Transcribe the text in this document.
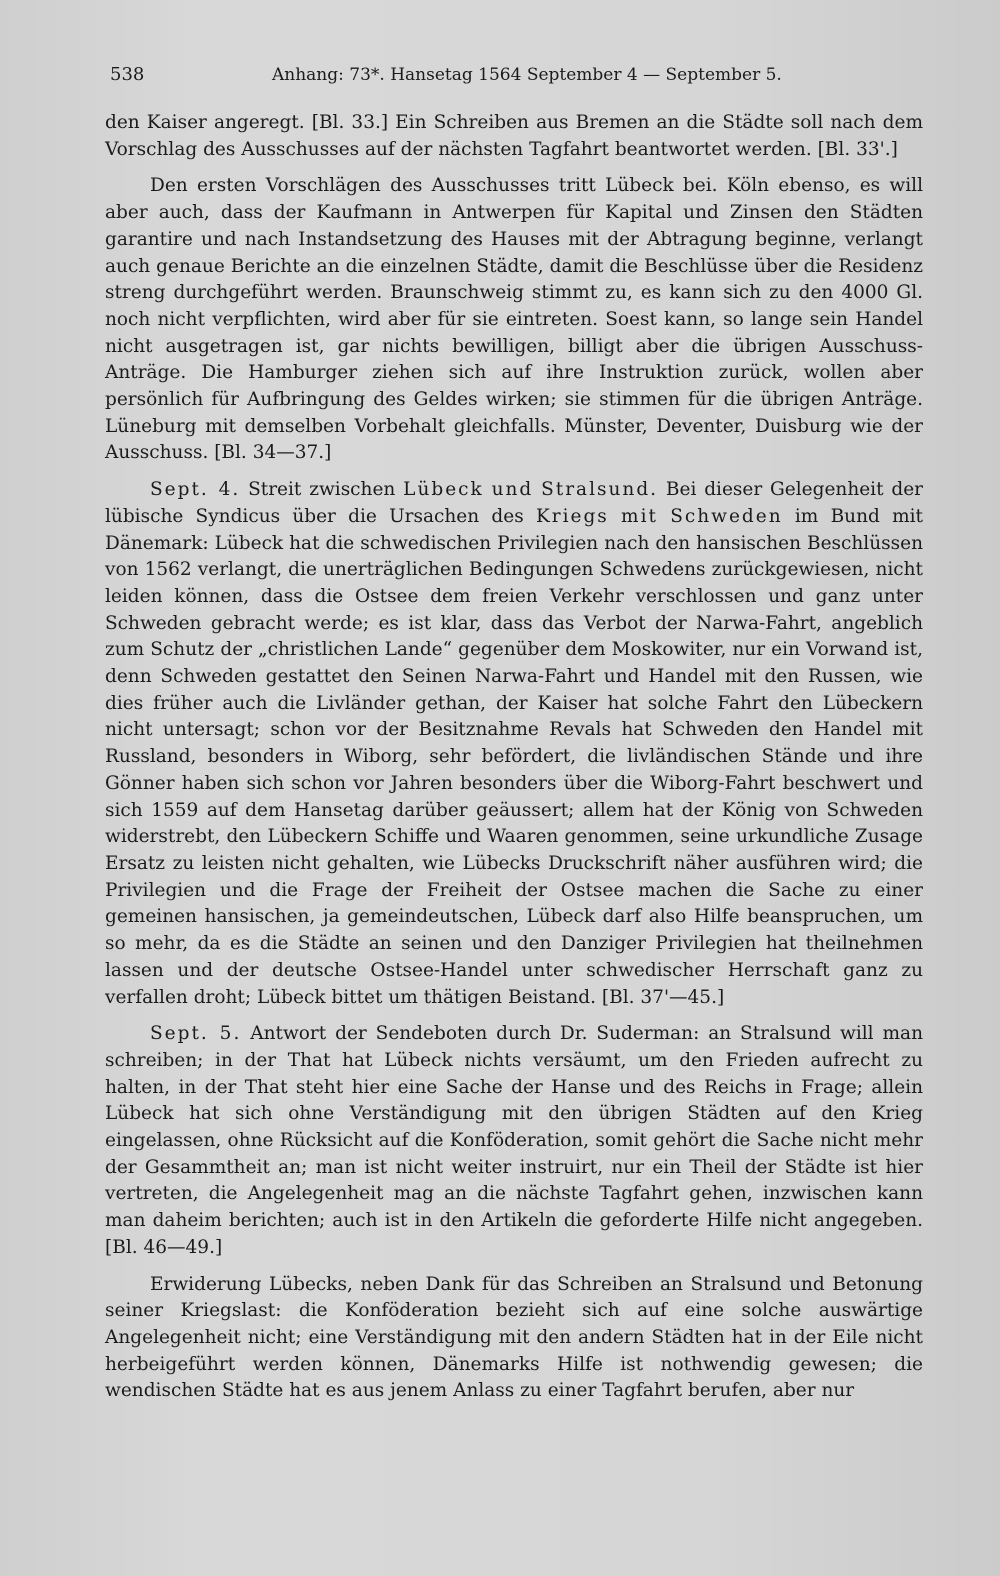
538	Anhang: 73*. Hansetag 1564 September 4 — September 5.

den Kaiser angeregt. [Bl. 33.] Ein Schreiben aus Bremen an die Städte soll nach dem Vorschlag des Ausschusses auf der nächsten Tagfahrt beantwortet werden. [Bl. 33'.]

Den ersten Vorschlägen des Ausschusses tritt Lübeck bei. Köln ebenso, es will aber auch, dass der Kaufmann in Antwerpen für Kapital und Zinsen den Städten garantire und nach Instandsetzung des Hauses mit der Abtragung beginne, verlangt auch genaue Berichte an die einzelnen Städte, damit die Beschlüsse über die Residenz streng durchgeführt werden. Braunschweig stimmt zu, es kann sich zu den 4000 Gl. noch nicht verpflichten, wird aber für sie eintreten. Soest kann, so lange sein Handel nicht ausgetragen ist, gar nichts bewilligen, billigt aber die übrigen Ausschuss-Anträge. Die Hamburger ziehen sich auf ihre Instruktion zurück, wollen aber persönlich für Aufbringung des Geldes wirken; sie stimmen für die übrigen Anträge. Lüneburg mit demselben Vorbehalt gleichfalls. Münster, Deventer, Duisburg wie der Ausschuss. [Bl. 34—37.]

Sept. 4. Streit zwischen Lübeck und Stralsund. Bei dieser Gelegenheit der lübische Syndicus über die Ursachen des Kriegs mit Schweden im Bund mit Dänemark: Lübeck hat die schwedischen Privilegien nach den hansischen Beschlüssen von 1562 verlangt, die unerträglichen Bedingungen Schwedens zurückgewiesen, nicht leiden können, dass die Ostsee dem freien Verkehr verschlossen und ganz unter Schweden gebracht werde; es ist klar, dass das Verbot der Narwa-Fahrt, angeblich zum Schutz der „christlichen Lande“ gegenüber dem Moskowiter, nur ein Vorwand ist, denn Schweden gestattet den Seinen Narwa-Fahrt und Handel mit den Russen, wie dies früher auch die Livländer gethan, der Kaiser hat solche Fahrt den Lübeckern nicht untersagt; schon vor der Besitznahme Revals hat Schweden den Handel mit Russland, besonders in Wiborg, sehr befördert, die livländischen Stände und ihre Gönner haben sich schon vor Jahren besonders über die Wiborg-Fahrt beschwert und sich 1559 auf dem Hansetag darüber geäussert; allem hat der König von Schweden widerstrebt, den Lübeckern Schiffe und Waaren genommen, seine urkundliche Zusage Ersatz zu leisten nicht gehalten, wie Lübecks Druckschrift näher ausführen wird; die Privilegien und die Frage der Freiheit der Ostsee machen die Sache zu einer gemeinen hansischen, ja gemeindeutschen, Lübeck darf also Hilfe beanspruchen, um so mehr, da es die Städte an seinen und den Danziger Privilegien hat theilnehmen lassen und der deutsche Ostsee-Handel unter schwedischer Herrschaft ganz zu verfallen droht; Lübeck bittet um thätigen Beistand. [Bl. 37'—45.]

Sept. 5. Antwort der Sendeboten durch Dr. Suderman: an Stralsund will man schreiben; in der That hat Lübeck nichts versäumt, um den Frieden aufrecht zu halten, in der That steht hier eine Sache der Hanse und des Reichs in Frage; allein Lübeck hat sich ohne Verständigung mit den übrigen Städten auf den Krieg eingelassen, ohne Rücksicht auf die Konföderation, somit gehört die Sache nicht mehr der Gesammtheit an; man ist nicht weiter instruirt, nur ein Theil der Städte ist hier vertreten, die Angelegenheit mag an die nächste Tagfahrt gehen, inzwischen kann man daheim berichten; auch ist in den Artikeln die geforderte Hilfe nicht angegeben. [Bl. 46—49.]

Erwiderung Lübecks, neben Dank für das Schreiben an Stralsund und Betonung seiner Kriegslast: die Konföderation bezieht sich auf eine solche auswärtige Angelegenheit nicht; eine Verständigung mit den andern Städten hat in der Eile nicht herbeigeführt werden können, Dänemarks Hilfe ist nothwendig gewesen; die wendischen Städte hat es aus jenem Anlass zu einer Tagfahrt berufen, aber nur
